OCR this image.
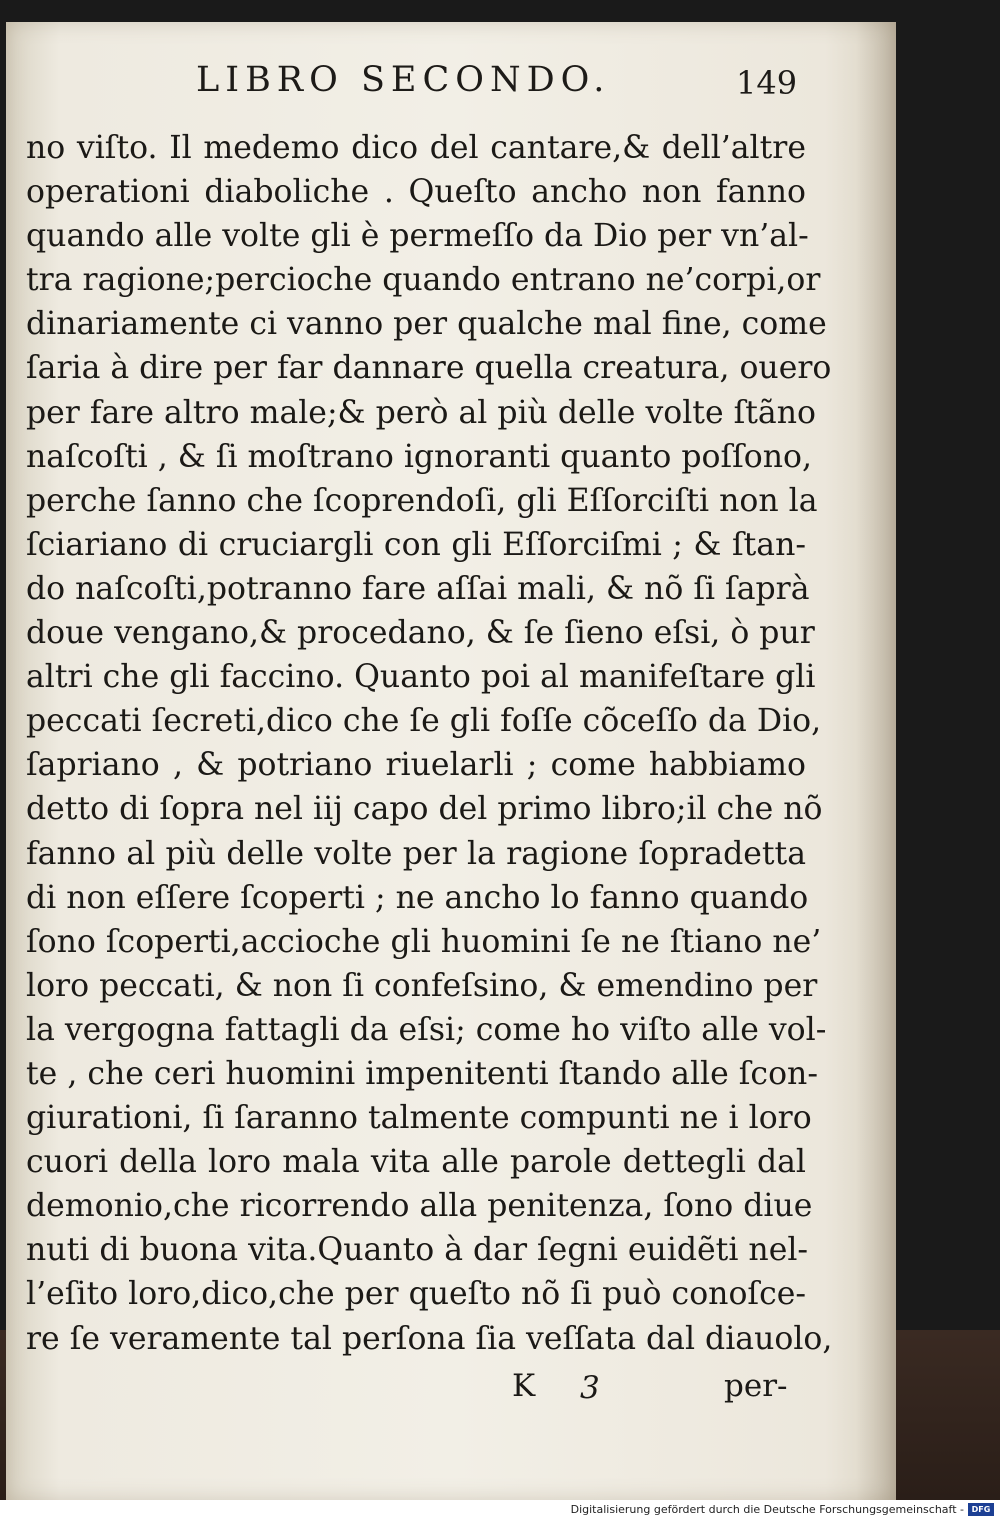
LIBRO SECONDO.	149
no viſto. Il medemo dico del cantare,& dell’altre
operationi diaboliche . Queſto ancho non fanno
quando alle volte gli è permeſſo da Dio per vn’al-
tra ragione;percioche quando entrano ne’corpi,or
dinariamente ci vanno per qualche mal fine, come
ſaria à dire per far dannare quella creatura, ouero
per fare altro male;& però al più delle volte ſtãno
naſcoſti , & ſi moſtrano ignoranti quanto poſſono,
perche ſanno che ſcoprendoſi, gli Eſſorciſti non la
ſciariano di cruciargli con gli Eſſorciſmi ; & ſtan-
do naſcoſti,potranno fare aſſai mali, & nõ ſi ſaprà
doue vengano,& procedano, & ſe ſieno eſsi, ò pur
altri che gli faccino. Quanto poi al manifeſtare gli
peccati ſecreti,dico che ſe gli foſſe cõceſſo da Dio,
ſapriano , & potriano riuelarli ; come habbiamo
detto di ſopra nel iij capo del primo libro;il che nõ
fanno al più delle volte per la ragione ſopradetta
di non eſſere ſcoperti ; ne ancho lo fanno quando
ſono ſcoperti,accioche gli huomini ſe ne ſtiano ne’
loro peccati, & non ſi confeſsino, & emendino per
la vergogna fattagli da eſsi; come ho viſto alle vol-
te , che ceri huomini impenitenti ſtando alle ſcon-
giurationi, ſi ſaranno talmente compunti ne i loro
cuori della loro mala vita alle parole dettegli dal
demonio,che ricorrendo alla penitenza, ſono diue
nuti di buona vita.Quanto à dar ſegni euidẽti nel-
l’eſito loro,dico,che per queſto nõ ſi può conoſce-
re ſe veramente tal perſona ſia veſſata dal diauolo,
K 3	per-
Digitalisierung gefördert durch die Deutsche Forschungsgemeinschaft - DFG
